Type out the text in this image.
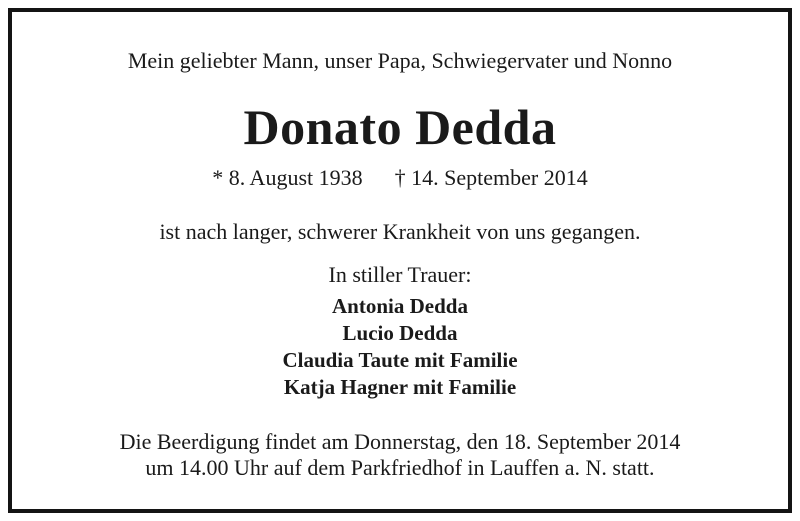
Mein geliebter Mann, unser Papa, Schwiegervater und Nonno
Donato Dedda
* 8. August 1938 † 14. September 2014
ist nach langer, schwerer Krankheit von uns gegangen.
In stiller Trauer:
Antonia Dedda
Lucio Dedda
Claudia Taute mit Familie
Katja Hagner mit Familie
Die Beerdigung findet am Donnerstag, den 18. September 2014
um 14.00 Uhr auf dem Parkfriedhof in Lauffen a. N. statt.
